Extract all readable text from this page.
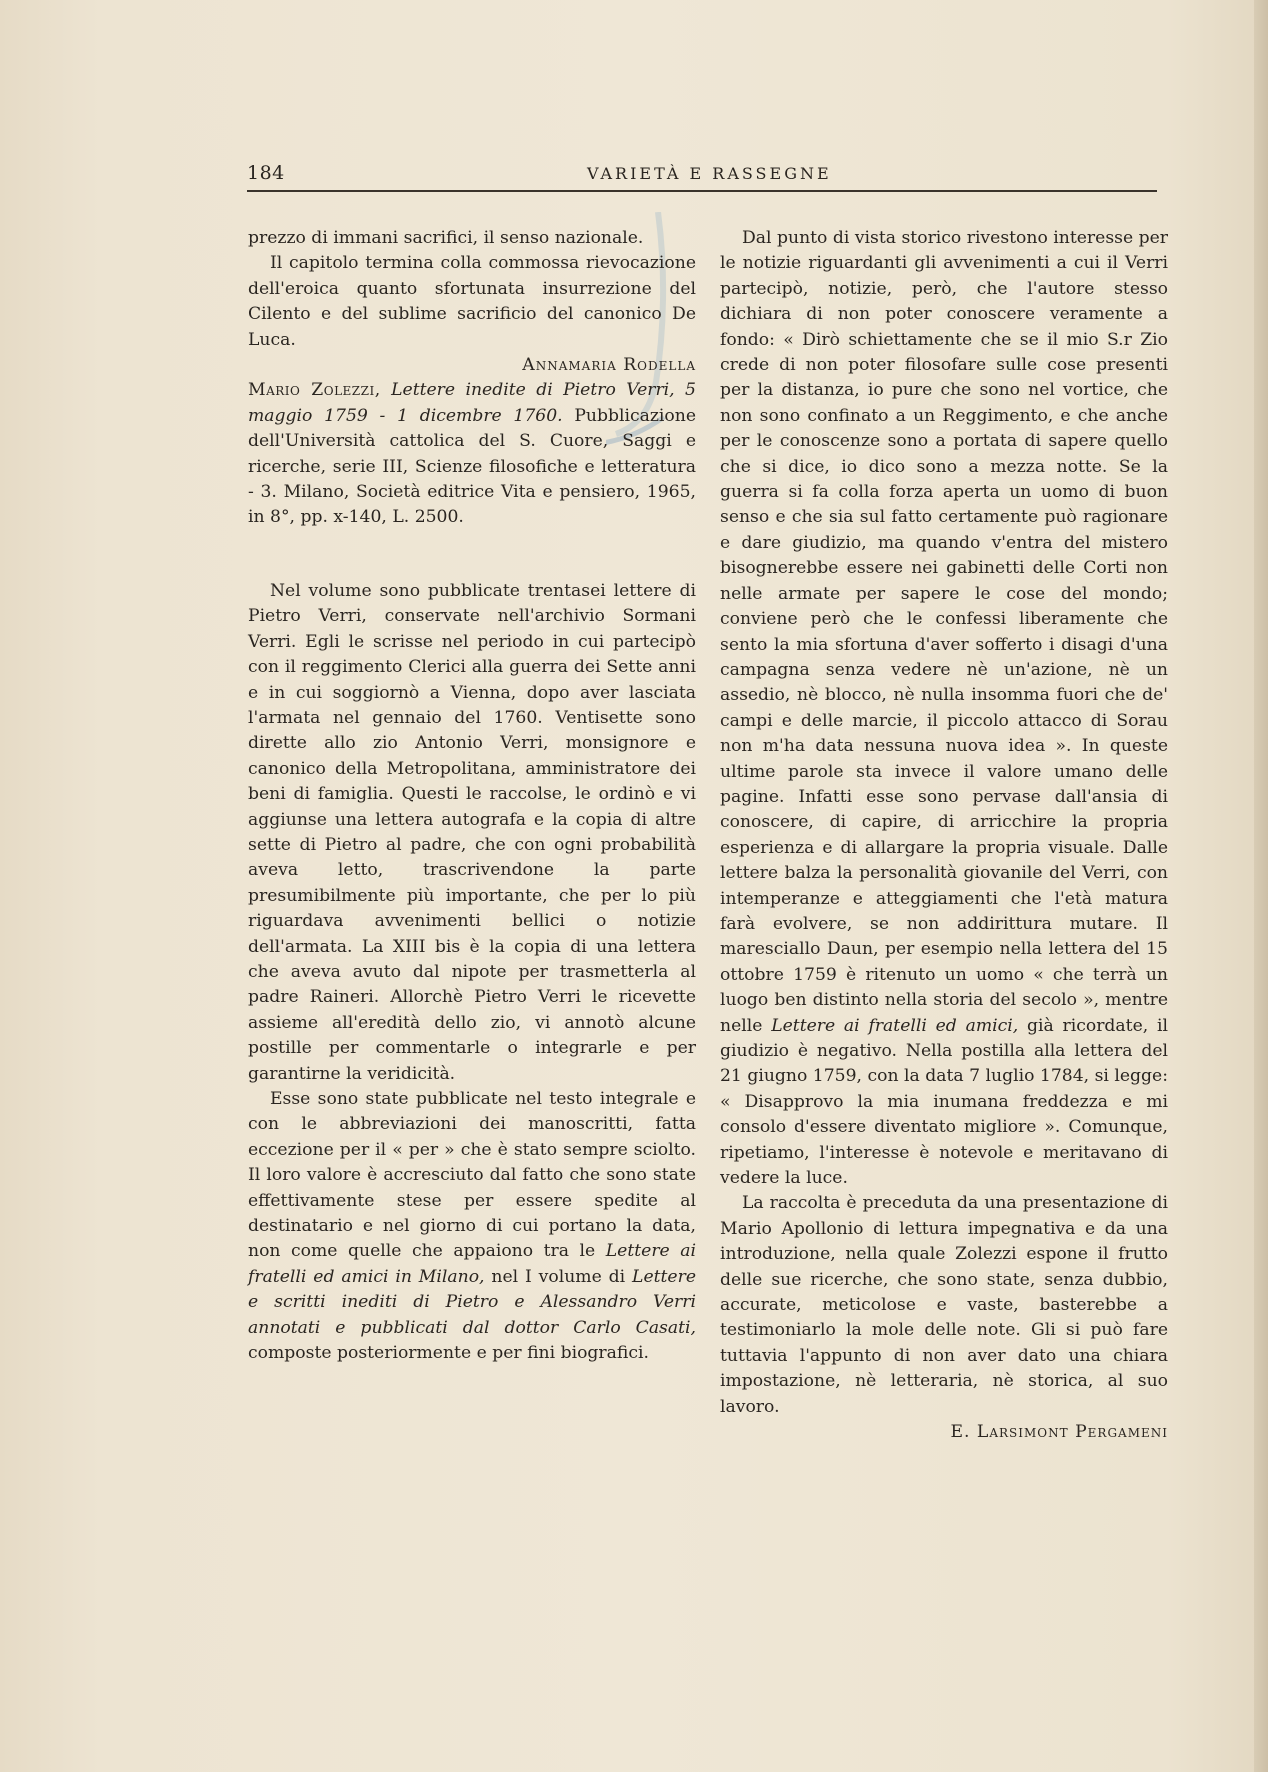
184	VARIETÀ E RASSEGNE

prezzo di immani sacrifici, il senso nazionale.

Il capitolo termina colla commossa rievocazione dell'eroica quanto sfortunata insurrezione del Cilento e del sublime sacrificio del canonico De Luca.

Annamaria Rodella

Mario Zolezzi, Lettere inedite di Pietro Verri, 5 maggio 1759 - 1 dicembre 1760. Pubblicazione dell'Università cattolica del S. Cuore, Saggi e ricerche, serie III, Scienze filosofiche e letteratura - 3. Milano, Società editrice Vita e pensiero, 1965, in 8°, pp. x-140, L. 2500.

Nel volume sono pubblicate trentasei lettere di Pietro Verri, conservate nell'archivio Sormani Verri. Egli le scrisse nel periodo in cui partecipò con il reggimento Clerici alla guerra dei Sette anni e in cui soggiornò a Vienna, dopo aver lasciata l'armata nel gennaio del 1760. Ventisette sono dirette allo zio Antonio Verri, monsignore e canonico della Metropolitana, amministratore dei beni di famiglia. Questi le raccolse, le ordinò e vi aggiunse una lettera autografa e la copia di altre sette di Pietro al padre, che con ogni probabilità aveva letto, trascrivendone la parte presumibilmente più importante, che per lo più riguardava avvenimenti bellici o notizie dell'armata. La XIII bis è la copia di una lettera che aveva avuto dal nipote per trasmetterla al padre Raineri. Allorchè Pietro Verri le ricevette assieme all'eredità dello zio, vi annotò alcune postille per commentarle o integrarle e per garantirne la veridicità.

Esse sono state pubblicate nel testo integrale e con le abbreviazioni dei manoscritti, fatta eccezione per il « per » che è stato sempre sciolto. Il loro valore è accresciuto dal fatto che sono state effettivamente stese per essere spedite al destinatario e nel giorno di cui portano la data, non come quelle che appaiono tra le Lettere ai fratelli ed amici in Milano, nel I volume di Lettere e scritti inediti di Pietro e Alessandro Verri annotati e pubblicati dal dottor Carlo Casati, composte posteriormente e per fini biografici.

Dal punto di vista storico rivestono interesse per le notizie riguardanti gli avvenimenti a cui il Verri partecipò, notizie, però, che l'autore stesso dichiara di non poter conoscere veramente a fondo: « Dirò schiettamente che se il mio S.r Zio crede di non poter filosofare sulle cose presenti per la distanza, io pure che sono nel vortice, che non sono confinato a un Reggimento, e che anche per le conoscenze sono a portata di sapere quello che si dice, io dico sono a mezza notte. Se la guerra si fa colla forza aperta un uomo di buon senso e che sia sul fatto certamente può ragionare e dare giudizio, ma quando v'entra del mistero bisognerebbe essere nei gabinetti delle Corti non nelle armate per sapere le cose del mondo; conviene però che le confessi liberamente che sento la mia sfortuna d'aver sofferto i disagi d'una campagna senza vedere nè un'azione, nè un assedio, nè blocco, nè nulla insomma fuori che de' campi e delle marcie, il piccolo attacco di Sorau non m'ha data nessuna nuova idea ». In queste ultime parole sta invece il valore umano delle pagine. Infatti esse sono pervase dall'ansia di conoscere, di capire, di arricchire la propria esperienza e di allargare la propria visuale. Dalle lettere balza la personalità giovanile del Verri, con intemperanze e atteggiamenti che l'età matura farà evolvere, se non addirittura mutare. Il maresciallo Daun, per esempio nella lettera del 15 ottobre 1759 è ritenuto un uomo « che terrà un luogo ben distinto nella storia del secolo », mentre nelle Lettere ai fratelli ed amici, già ricordate, il giudizio è negativo. Nella postilla alla lettera del 21 giugno 1759, con la data 7 luglio 1784, si legge: « Disapprovo la mia inumana freddezza e mi consolo d'essere diventato migliore ». Comunque, ripetiamo, l'interesse è notevole e meritavano di vedere la luce.

La raccolta è preceduta da una presentazione di Mario Apollonio di lettura impegnativa e da una introduzione, nella quale Zolezzi espone il frutto delle sue ricerche, che sono state, senza dubbio, accurate, meticolose e vaste, basterebbe a testimoniarlo la mole delle note. Gli si può fare tuttavia l'appunto di non aver dato una chiara impostazione, nè letteraria, nè storica, al suo lavoro.

E. Larsimont Pergameni
